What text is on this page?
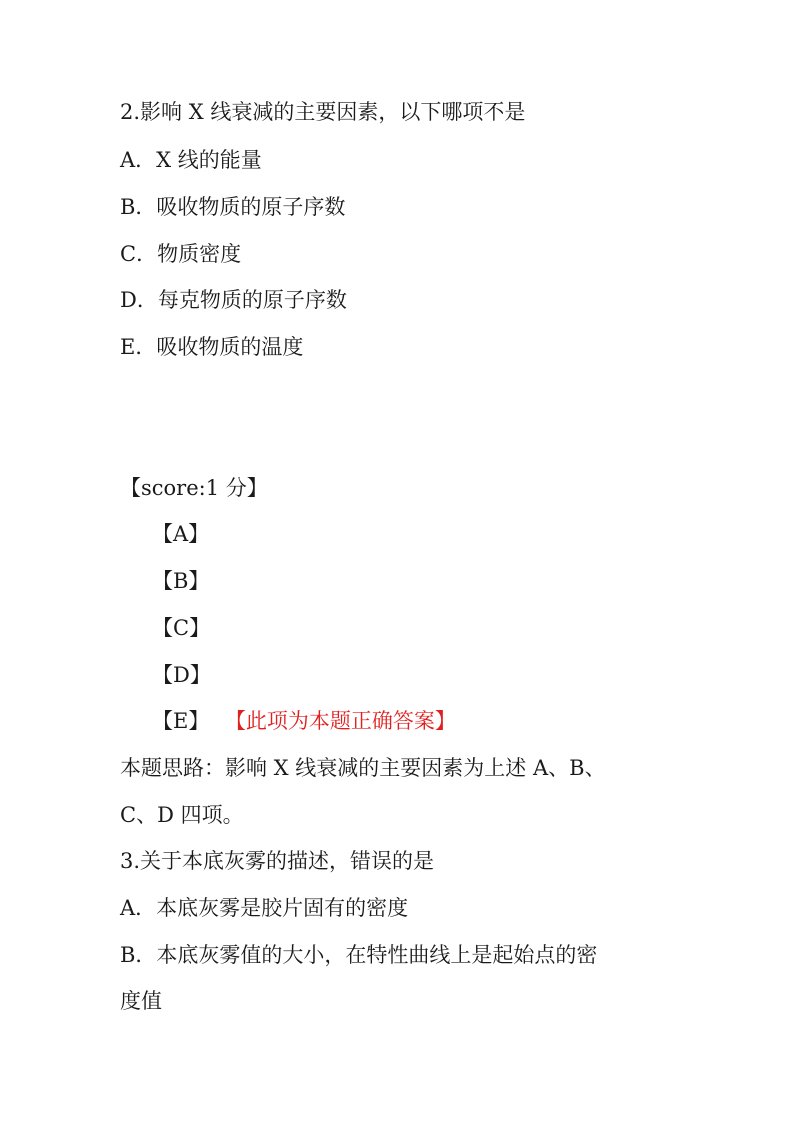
2.影响 X 线衰减的主要因素，以下哪项不是
A．X 线的能量
B．吸收物质的原子序数
C．物质密度
D．每克物质的原子序数
E．吸收物质的温度
【score:1 分】
【A】
【B】
【C】
【D】
【E】 【此项为本题正确答案】
本题思路：影响 X 线衰减的主要因素为上述 A、B、
C、D 四项。
3.关于本底灰雾的描述，错误的是
A．本底灰雾是胶片固有的密度
B．本底灰雾值的大小，在特性曲线上是起始点的密
度值
